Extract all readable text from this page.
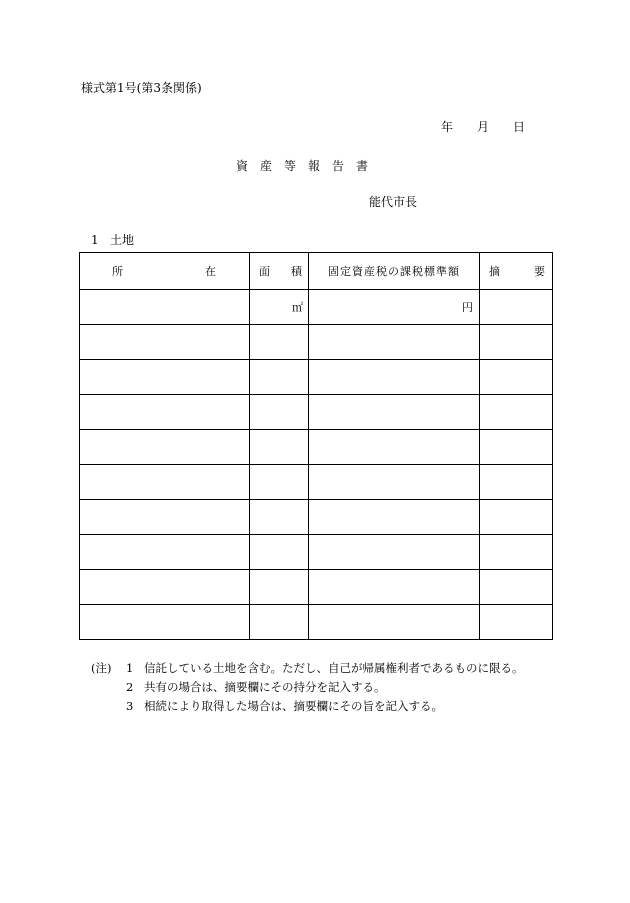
様式第1号(第3条関係)
年	月	日
資産等報告書
能代市長
1 土地
所 在	面 積	固定資産税の課税標準額	摘 要

	㎡	円	

(注)	1 信託している土地を含む。ただし、自己が帰属権利者であるものに限る。
2 共有の場合は、摘要欄にその持分を記入する。
3 相続により取得した場合は、摘要欄にその旨を記入する。
